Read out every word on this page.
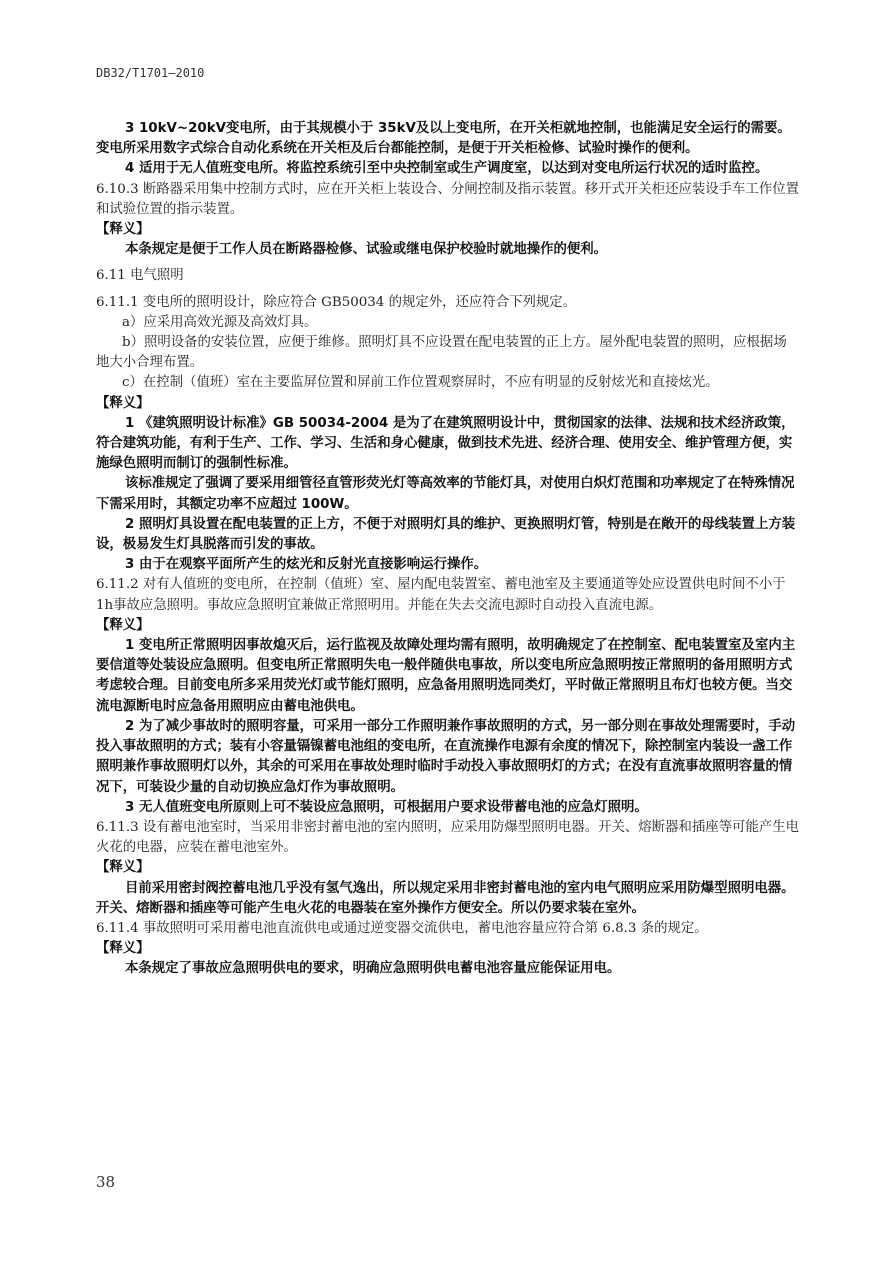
DB32/T1701—2010

3 10kV~20kV变电所，由于其规模小于 35kV及以上变电所，在开关柜就地控制，也能满足安全运行的需要。变电所采用数字式综合自动化系统在开关柜及后台都能控制，是便于开关柜检修、试验时操作的便利。

4 适用于无人值班变电所。将监控系统引至中央控制室或生产调度室，以达到对变电所运行状况的适时监控。

6.10.3 断路器采用集中控制方式时，应在开关柜上装设合、分闸控制及指示装置。移开式开关柜还应装设手车工作位置和试验位置的指示装置。

【释义】

本条规定是便于工作人员在断路器检修、试验或继电保护校验时就地操作的便利。

6.11 电气照明

6.11.1 变电所的照明设计，除应符合 GB50034 的规定外，还应符合下列规定。

a）应采用高效光源及高效灯具。

b）照明设备的安装位置，应便于维修。照明灯具不应设置在配电装置的正上方。屋外配电装置的照明，应根据场地大小合理布置。

c）在控制（值班）室在主要监屏位置和屏前工作位置观察屏时，不应有明显的反射炫光和直接炫光。

【释义】

1 《建筑照明设计标准》GB 50034-2004 是为了在建筑照明设计中，贯彻国家的法律、法规和技术经济政策，符合建筑功能，有利于生产、工作、学习、生活和身心健康，做到技术先进、经济合理、使用安全、维护管理方便，实施绿色照明而制订的强制性标准。

该标准规定了强调了要采用细管径直管形荧光灯等高效率的节能灯具，对使用白炽灯范围和功率规定了在特殊情况下需采用时，其额定功率不应超过 100W。

2 照明灯具设置在配电装置的正上方，不便于对照明灯具的维护、更换照明灯管，特别是在敞开的母线装置上方装设，极易发生灯具脱落而引发的事故。

3 由于在观察平面所产生的炫光和反射光直接影响运行操作。

6.11.2 对有人值班的变电所，在控制（值班）室、屋内配电装置室、蓄电池室及主要通道等处应设置供电时间不小于 1h事故应急照明。事故应急照明宜兼做正常照明用。并能在失去交流电源时自动投入直流电源。

【释义】

1 变电所正常照明因事故熄灭后，运行监视及故障处理均需有照明，故明确规定了在控制室、配电装置室及室内主要信道等处装设应急照明。但变电所正常照明失电一般伴随供电事故，所以变电所应急照明按正常照明的备用照明方式考虑较合理。目前变电所多采用荧光灯或节能灯照明，应急备用照明选同类灯，平时做正常照明且布灯也较方便。当交流电源断电时应急备用照明应由蓄电池供电。

2 为了减少事故时的照明容量，可采用一部分工作照明兼作事故照明的方式，另一部分则在事故处理需要时，手动投入事故照明的方式；装有小容量镉镍蓄电池组的变电所，在直流操作电源有余度的情况下，除控制室内装设一盏工作照明兼作事故照明灯以外，其余的可采用在事故处理时临时手动投入事故照明灯的方式；在没有直流事故照明容量的情况下，可装设少量的自动切换应急灯作为事故照明。

3 无人值班变电所原则上可不装设应急照明，可根据用户要求设带蓄电池的应急灯照明。

6.11.3 设有蓄电池室时，当采用非密封蓄电池的室内照明，应采用防爆型照明电器。开关、熔断器和插座等可能产生电火花的电器，应装在蓄电池室外。

【释义】

目前采用密封阀控蓄电池几乎没有氢气逸出，所以规定采用非密封蓄电池的室内电气照明应采用防爆型照明电器。开关、熔断器和插座等可能产生电火花的电器装在室外操作方便安全。所以仍要求装在室外。

6.11.4 事故照明可采用蓄电池直流供电或通过逆变器交流供电，蓄电池容量应符合第 6.8.3 条的规定。

【释义】

本条规定了事故应急照明供电的要求，明确应急照明供电蓄电池容量应能保证用电。

38
